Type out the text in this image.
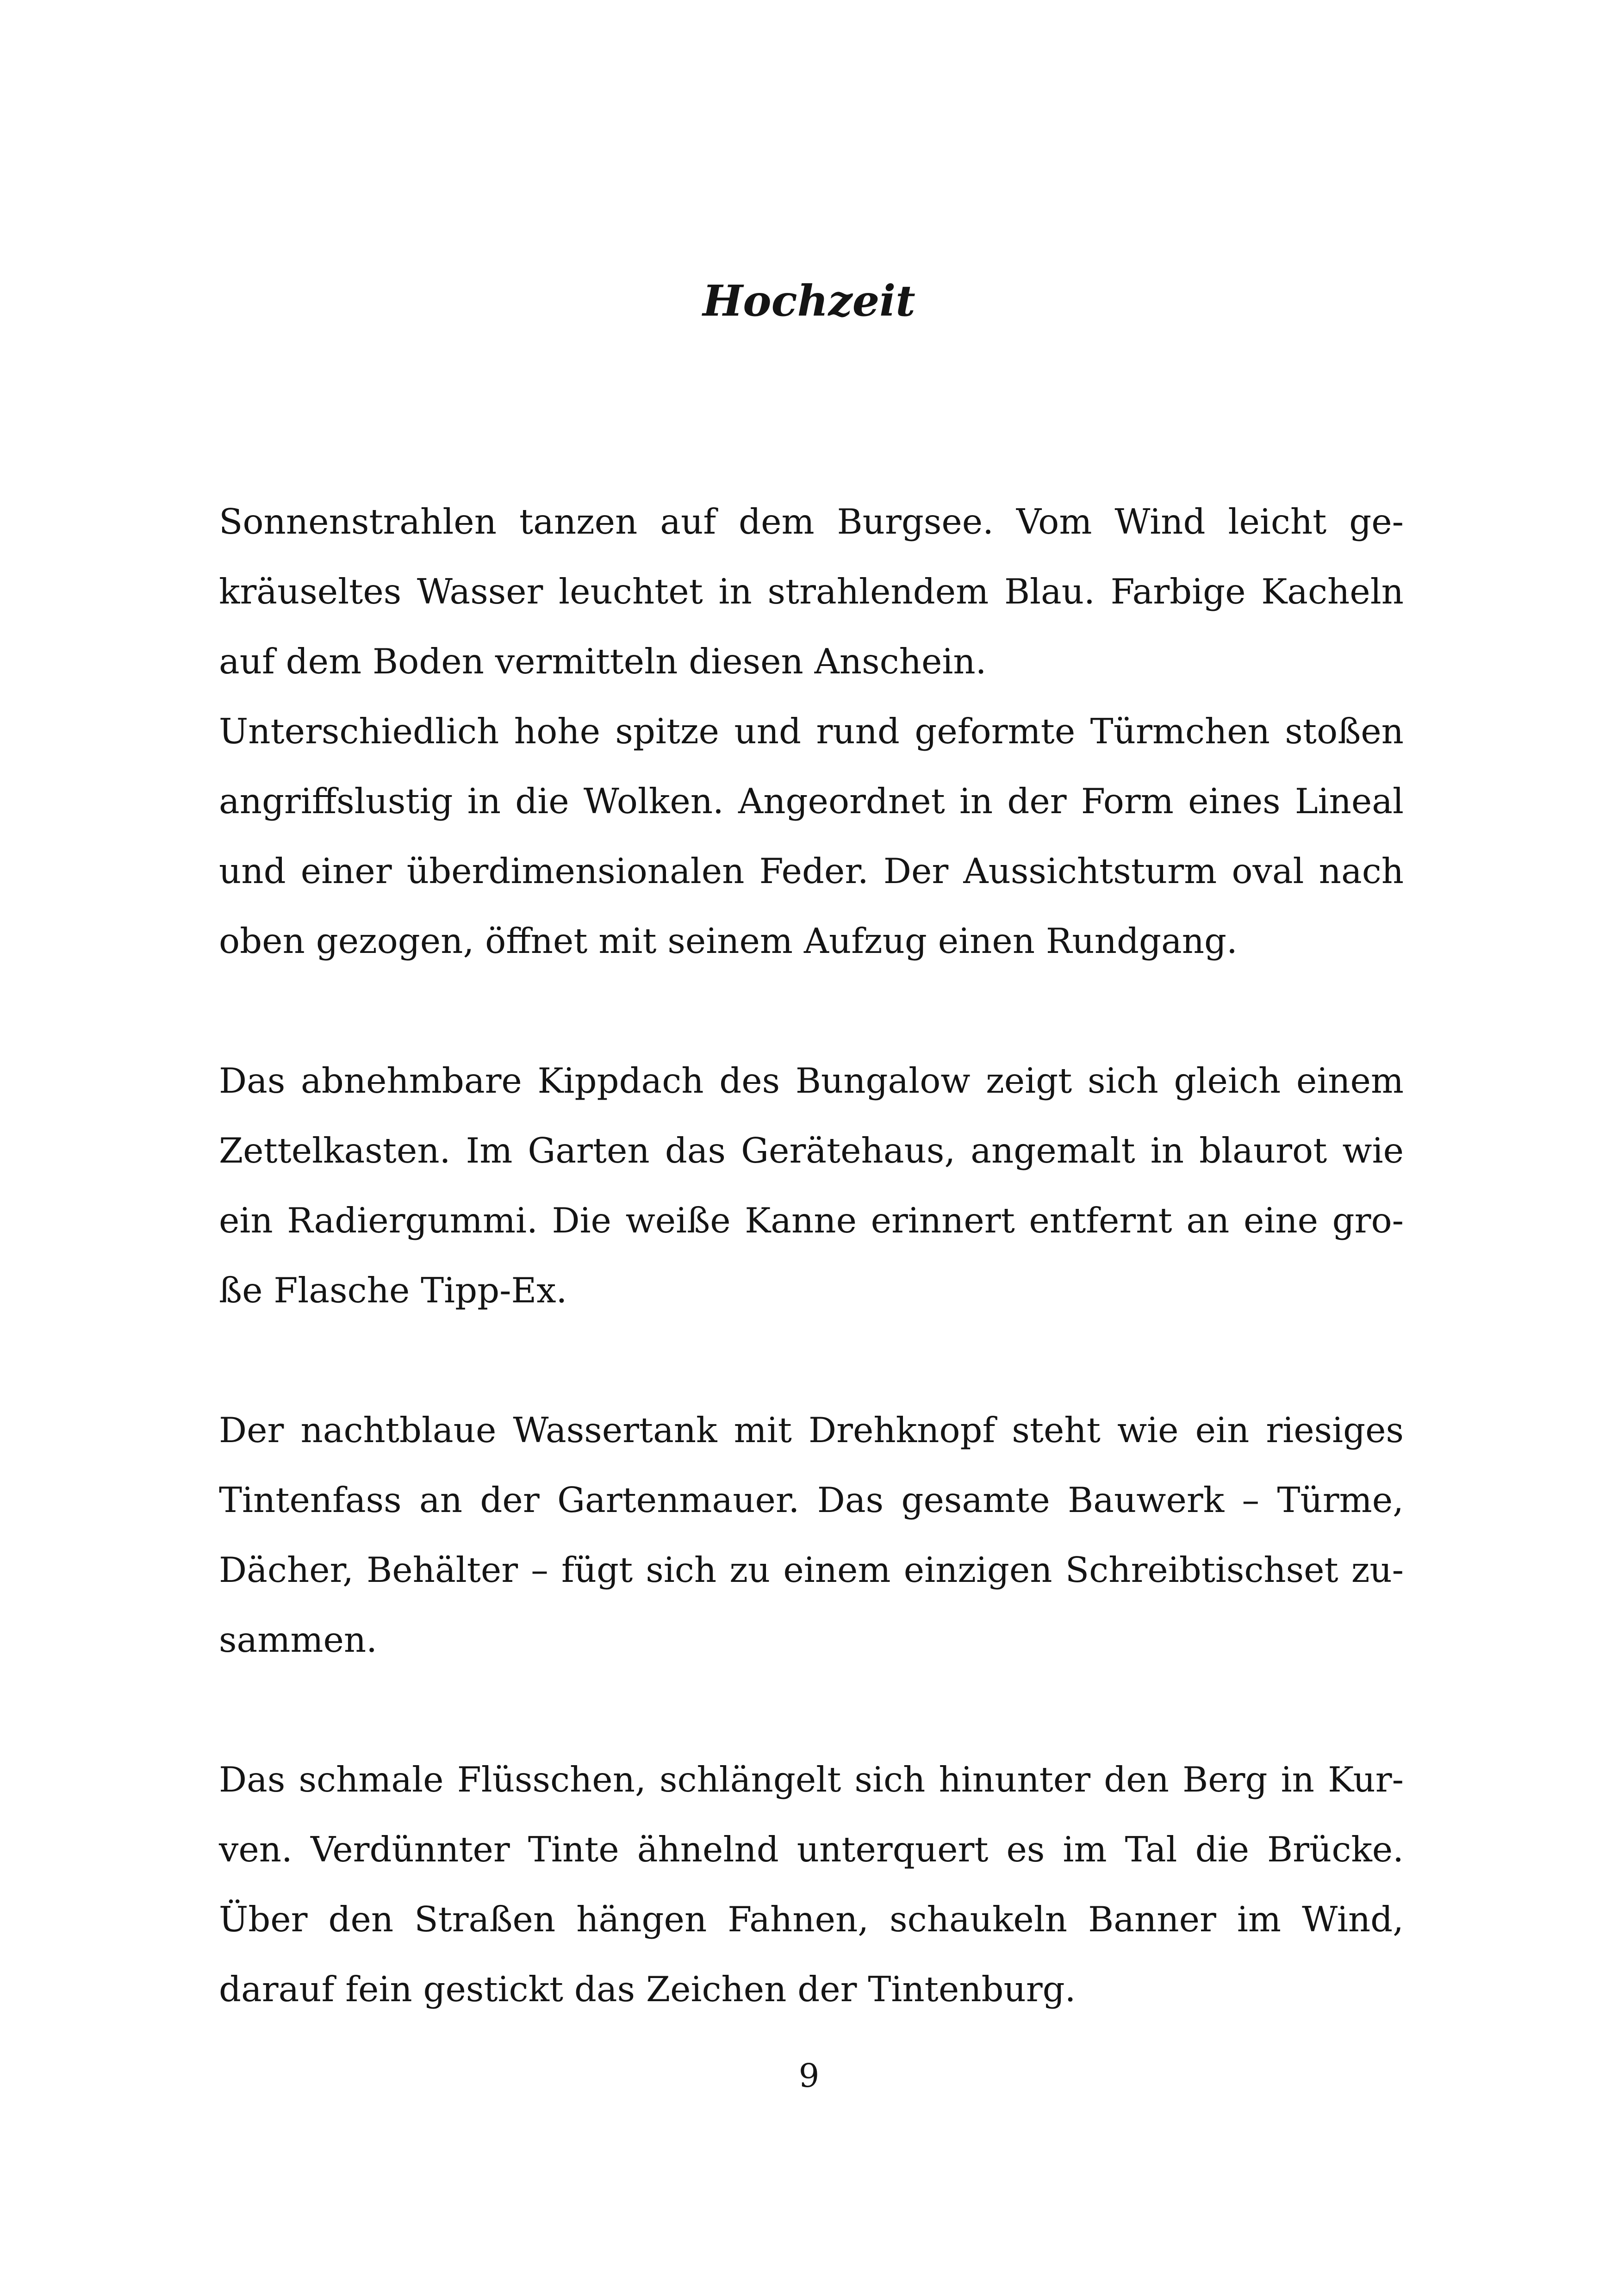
Hochzeit
Sonnenstrahlen tanzen auf dem Burgsee. Vom Wind leicht ge-
kräuseltes Wasser leuchtet in strahlendem Blau. Farbige Kacheln
auf dem Boden vermitteln diesen Anschein.
Unterschiedlich hohe spitze und rund geformte Türmchen stoßen
angriffslustig in die Wolken. Angeordnet in der Form eines Lineal
und einer überdimensionalen Feder. Der Aussichtsturm oval nach
oben gezogen, öffnet mit seinem Aufzug einen Rundgang.
Das abnehmbare Kippdach des Bungalow zeigt sich gleich einem
Zettelkasten. Im Garten das Gerätehaus, angemalt in blaurot wie
ein Radiergummi. Die weiße Kanne erinnert entfernt an eine gro-
ße Flasche Tipp-Ex.
Der nachtblaue Wassertank mit Drehknopf steht wie ein riesiges
Tintenfass an der Gartenmauer. Das gesamte Bauwerk – Türme,
Dächer, Behälter – fügt sich zu einem einzigen Schreibtischset zu-
sammen.
Das schmale Flüsschen, schlängelt sich hinunter den Berg in Kur-
ven. Verdünnter Tinte ähnelnd unterquert es im Tal die Brücke.
Über den Straßen hängen Fahnen, schaukeln Banner im Wind,
darauf fein gestickt das Zeichen der Tintenburg.
9
